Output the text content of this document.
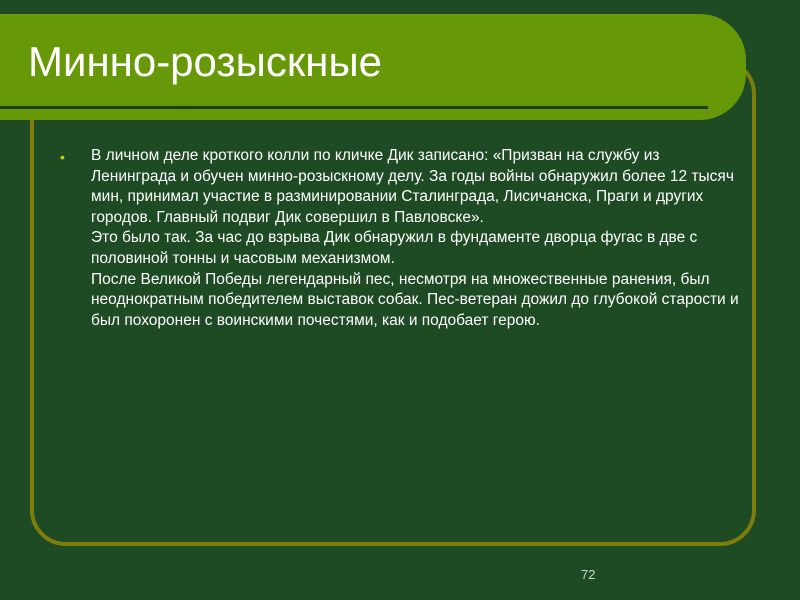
Минно-розыскные
• В личном деле кроткого колли по кличке Дик записано: «Призван на службу из Ленинграда и обучен минно-розыскному делу. За годы войны обнаружил более 12 тысяч мин, принимал участие в разминировании Сталинграда, Лисичанска, Праги и других городов. Главный подвиг Дик совершил в Павловске».
Это было так. За час до взрыва Дик обнаружил в фундаменте дворца фугас в две с половиной тонны и часовым механизмом.
После Великой Победы легендарный пес, несмотря на множественные ранения, был неоднократным победителем выставок собак. Пес-ветеран дожил до глубокой старости и был похоронен с воинскими почестями, как и подобает герою.

72
